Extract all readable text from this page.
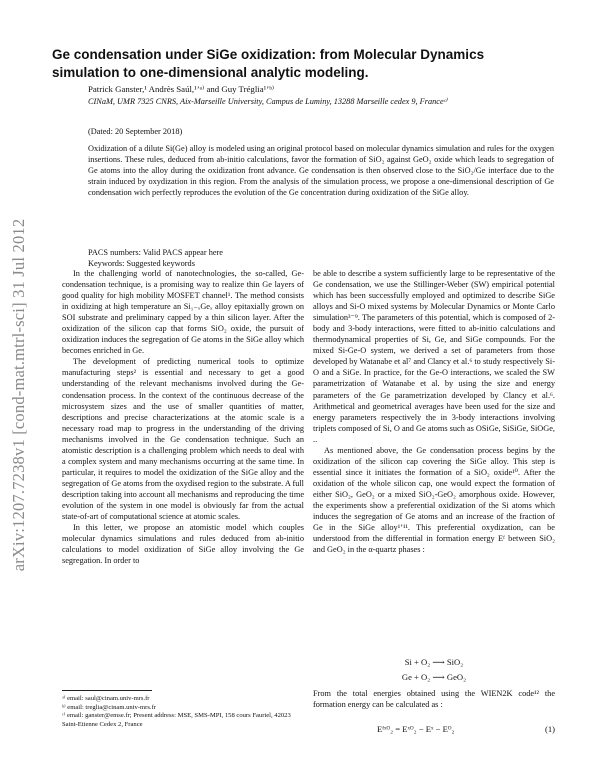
arXiv:1207.7238v1 [cond-mat.mtrl-sci] 31 Jul 2012
Ge condensation under SiGe oxidization: from Molecular Dynamics simulation to one-dimensional analytic modeling.
Patrick Ganster,¹ Andrès Saúl,¹ʼᵃ⁾ and Guy Tréglia¹ʼᵇ⁾
CINaM, UMR 7325 CNRS, Aix-Marseille University, Campus de Luminy, 13288 Marseille cedex 9, Franceᶜ⁾
(Dated: 20 September 2018)
Oxidization of a dilute Si(Ge) alloy is modeled using an original protocol based on molecular dynamics simulation and rules for the oxygen insertions. These rules, deduced from ab-initio calculations, favor the formation of SiO₂ against GeO₂ oxide which leads to segregation of Ge atoms into the alloy during the oxidization front advance. Ge condensation is then observed close to the SiO₂/Ge interface due to the strain induced by oxydization in this region. From the analysis of the simulation process, we propose a one-dimensional description of Ge condensation wich perfectly reproduces the evolution of the Ge concentration during oxidization of the SiGe alloy.
PACS numbers: Valid PACS appear here
Keywords: Suggested keywords

In the challenging world of nanotechnologies, the so-called, Ge-condensation technique, is a promising way to realize thin Ge layers of good quality for high mobility MOSFET channel¹. The method consists in oxidizing at high temperature an Si₁₋ₓGeₓ alloy epitaxially grown on SOI substrate and preliminary capped by a thin silicon layer. After the oxidization of the silicon cap that forms SiO₂ oxide, the pursuit of oxidization induces the segregation of Ge atoms in the SiGe alloy which becomes enriched in Ge.

The development of predicting numerical tools to optimize manufacturing steps² is essential and necessary to get a good understanding of the relevant mechanisms involved during the Ge-condensation process. In the context of the continuous decrease of the microsystem sizes and the use of smaller quantities of matter, descriptions and precise characterizations at the atomic scale is a necessary road map to progress in the understanding of the driving mechanisms involved in the Ge condensation technique. Such an atomistic description is a challenging problem which needs to deal with a complex system and many mechanisms occurring at the same time. In particular, it requires to model the oxidization of the SiGe alloy and the segregation of Ge atoms from the oxydised region to the substrate. A full description taking into account all mechanisms and reproducing the time evolution of the system in one model is obviously far from the actual state-of-art of computational science at atomic scales.

In this letter, we propose an atomistic model which couples molecular dynamics simulations and rules deduced from ab-initio calculations to model oxidization of SiGe alloy involving the Ge segregation. In order to

be able to describe a system sufficiently large to be representative of the Ge condensation, we use the Stillinger-Weber (SW) empirical potential which has been successfully employed and optimized to describe SiGe alloys and Si-O mixed systems by Molecular Dynamics or Monte Carlo simulation³⁻⁹. The parameters of this potential, which is composed of 2-body and 3-body interactions, were fitted to ab-initio calculations and thermodynamical properties of Si, Ge, and SiGe compounds. For the mixed Si-Ge-O system, we derived a set of parameters from those developed by Watanabe et al⁷ and Clancy et al.⁶ to study respectively Si-O and a SiGe. In practice, for the Ge-O interactions, we scaled the SW parametrization of Watanabe et al. by using the size and energy parameters of the Ge parametrization developed by Clancy et al.⁶. Arithmetical and geometrical averages have been used for the size and energy parameters respectively the in 3-body interactions involving triplets composed of Si, O and Ge atoms such as OSiGe, SiSiGe, SiOGe, ..

As mentioned above, the Ge condensation process begins by the oxidization of the silicon cap covering the SiGe alloy. This step is essential since it initiates the formation of a SiO₂ oxide¹⁰. After the oxidation of the whole silicon cap, one would expect the formation of either SiO₂, GeO₂ or a mixed SiO₂-GeO₂ amorphous oxide. However, the experiments show a preferential oxidization of the Si atoms which induces the segregation of Ge atoms and an increase of the fraction of Ge in the SiGe alloy¹ʼ¹¹. This preferential oxydization, can be understood from the differential in formation energy Eᶠ between SiO₂ and GeO₂ in the α-quartz phases :

Si + O₂ ⟶ SiO₂
Ge + O₂ ⟶ GeO₂
From the total energies obtained using the WIEN2K code¹² the formation energy can be calculated as :
Eᶠˣᴼ₂ = Eˣᴼ₂ − Eˣ − Eᴼ₂	(1)
ᵃ⁾ email: saul@cinam.univ-mrs.fr
ᵇ⁾ email: treglia@cinam.univ-mrs.fr
ᶜ⁾ email: ganster@emse.fr; Present address: MSE, SMS-MPI, 158 cours Fauriel, 42023 Saint-Etienne Cedex 2, France
